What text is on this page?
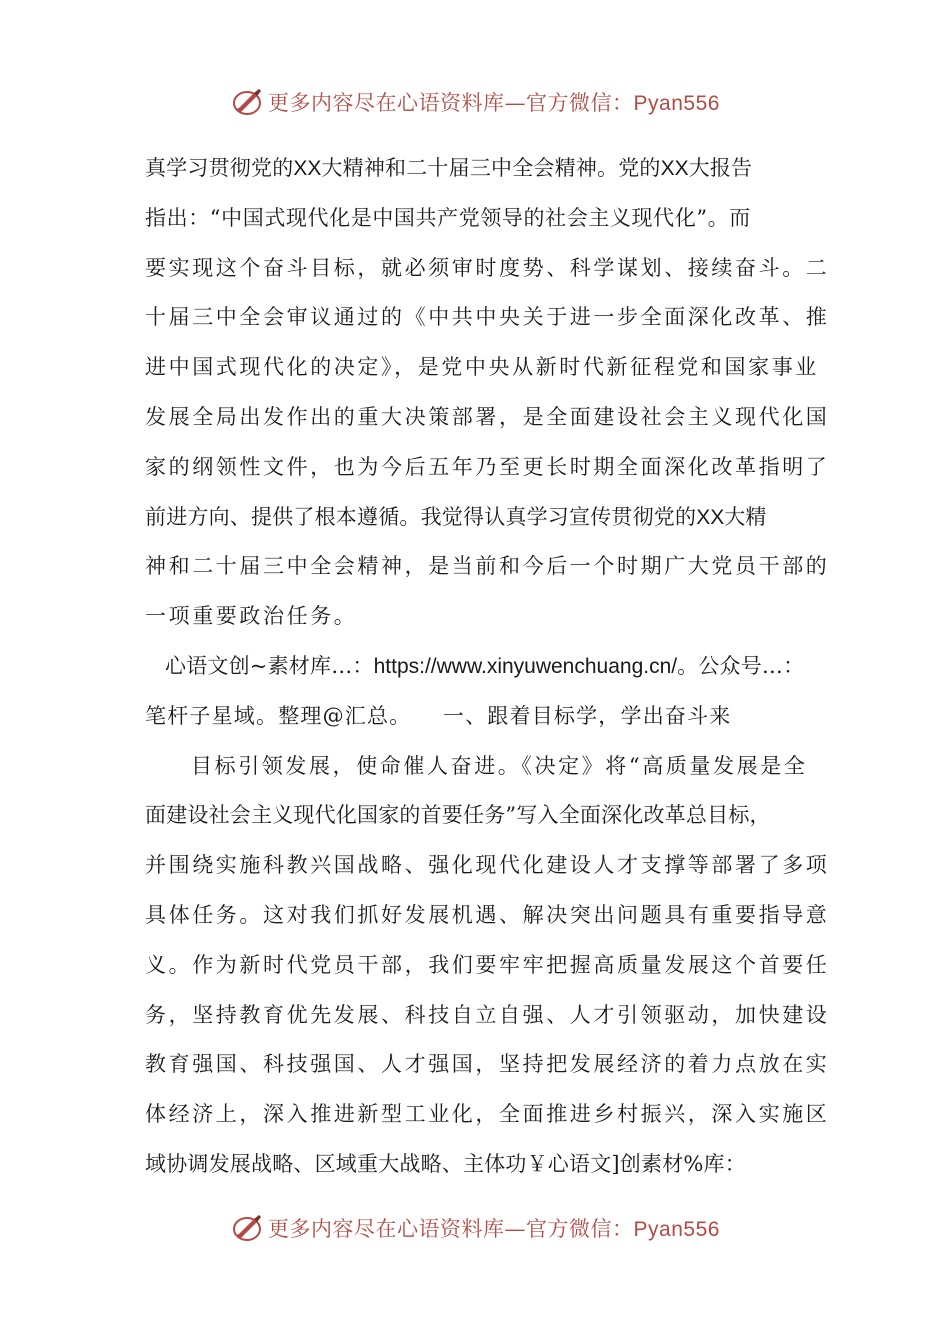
更多内容尽在心语资料库—官方微信：Pyan556
真学习贯彻党的XX大精神和二十届三中全会精神。党的XX大报告
指出：“中国式现代化是中国共产党领导的社会主义现代化”。而
要实现这个奋斗目标，就必须审时度势、科学谋划、接续奋斗。二
十届三中全会审议通过的《中共中央关于进一步全面深化改革、推
进中国式现代化的决定》，是党中央从新时代新征程党和国家事业
发展全局出发作出的重大决策部署，是全面建设社会主义现代化国
家的纲领性文件，也为今后五年乃至更长时期全面深化改革指明了
前进方向、提供了根本遵循。我觉得认真学习宣传贯彻党的XX大精
神和二十届三中全会精神，是当前和今后一个时期广大党员干部的
一项重要政治任务。
心语文创~素材库…：https://www.xinyuwenchuang.cn/。公众号…：
笔杆子星域。整理@汇总。    一、跟着目标学，学出奋斗来
目标引领发展，使命催人奋进。《决定》将“高质量发展是全
面建设社会主义现代化国家的首要任务”写入全面深化改革总目标，
并围绕实施科教兴国战略、强化现代化建设人才支撑等部署了多项
具体任务。这对我们抓好发展机遇、解决突出问题具有重要指导意
义。作为新时代党员干部，我们要牢牢把握高质量发展这个首要任
务，坚持教育优先发展、科技自立自强、人才引领驱动，加快建设
教育强国、科技强国、人才强国，坚持把发展经济的着力点放在实
体经济上，深入推进新型工业化，全面推进乡村振兴，深入实施区
域协调发展战略、区域重大战略、主体功￥心语文]创素材%库：
更多内容尽在心语资料库—官方微信：Pyan556
